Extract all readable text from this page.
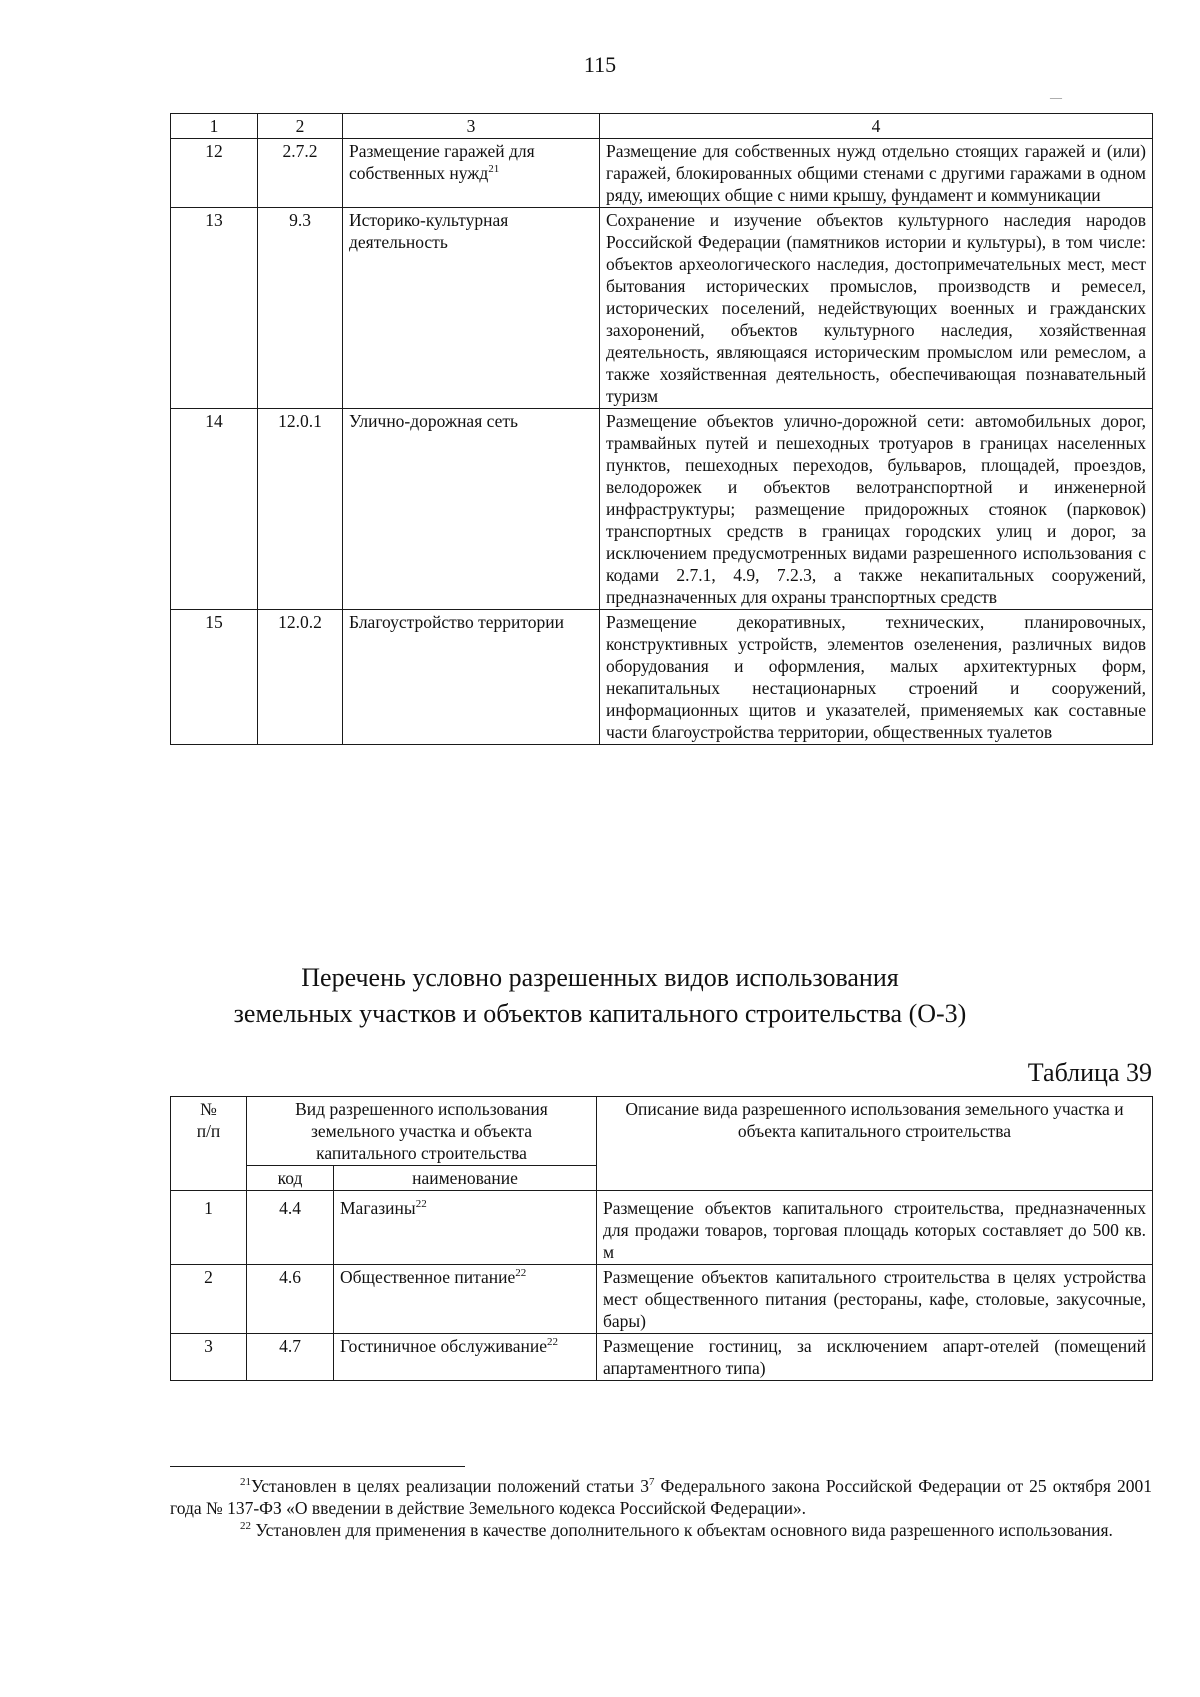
115
—
1	2	3	4
12	2.7.2	Размещение гаражей для собственных нужд$^{21}$	Размещение для собственных нужд отдельно стоящих гаражей и (или) гаражей, блокированных общими стенами с другими гаражами в одном ряду, имеющих общие с ними крышу, фундамент и коммуникации
13	9.3	Историко-культурная деятельность	Сохранение и изучение объектов культурного наследия народов Российской Федерации (памятников истории и культуры), в том числе: объектов археологического наследия, достопримечательных мест, мест бытования исторических промыслов, производств и ремесел, исторических поселений, недействующих военных и гражданских захоронений, объектов культурного наследия, хозяйственная деятельность, являющаяся историческим промыслом или ремеслом, а также хозяйственная деятельность, обеспечивающая познавательный туризм
14	12.0.1	Улично-дорожная сеть	Размещение объектов улично-дорожной сети: автомобильных дорог, трамвайных путей и пешеходных тротуаров в границах населенных пунктов, пешеходных переходов, бульваров, площадей, проездов, велодорожек и объектов велотранспортной и инженерной инфраструктуры; размещение придорожных стоянок (парковок) транспортных средств в границах городских улиц и дорог, за исключением предусмотренных видами разрешенного использования с кодами 2.7.1, 4.9, 7.2.3, а также некапитальных сооружений, предназначенных для охраны транспортных средств
15	12.0.2	Благоустройство территории	Размещение декоративных, технических, планировочных, конструктивных устройств, элементов озеленения, различных видов оборудования и оформления, малых архитектурных форм, некапитальных нестационарных строений и сооружений, информационных щитов и указателей, применяемых как составные части благоустройства территории, общественных туалетов
Перечень условно разрешенных видов использования
земельных участков и объектов капитального строительства (О-3)
Таблица 39
№ п/п	Вид разрешенного использования земельного участка и объекта капитального строительства		Описание вида разрешенного использования земельного участка и объекта капитального строительства
	код	наименование	
1	4.4	Магазины$^{22}$	Размещение объектов капитального строительства, предназначенных для продажи товаров, торговая площадь которых составляет до 500 кв. м
2	4.6	Общественное питание$^{22}$	Размещение объектов капитального строительства в целях устройства мест общественного питания (рестораны, кафе, столовые, закусочные, бары)
3	4.7	Гостиничное обслуживание$^{22}$	Размещение гостиниц, за исключением апарт-отелей (помещений апартаментного типа)

$^{21}$Установлен в целях реализации положений статьи $3^7$ Федерального закона Российской Федерации от 25 октября 2001 года № 137-ФЗ «О введении в действие Земельного кодекса Российской Федерации».

$^{22}$ Установлен для применения в качестве дополнительного к объектам основного вида разрешенного использования.
